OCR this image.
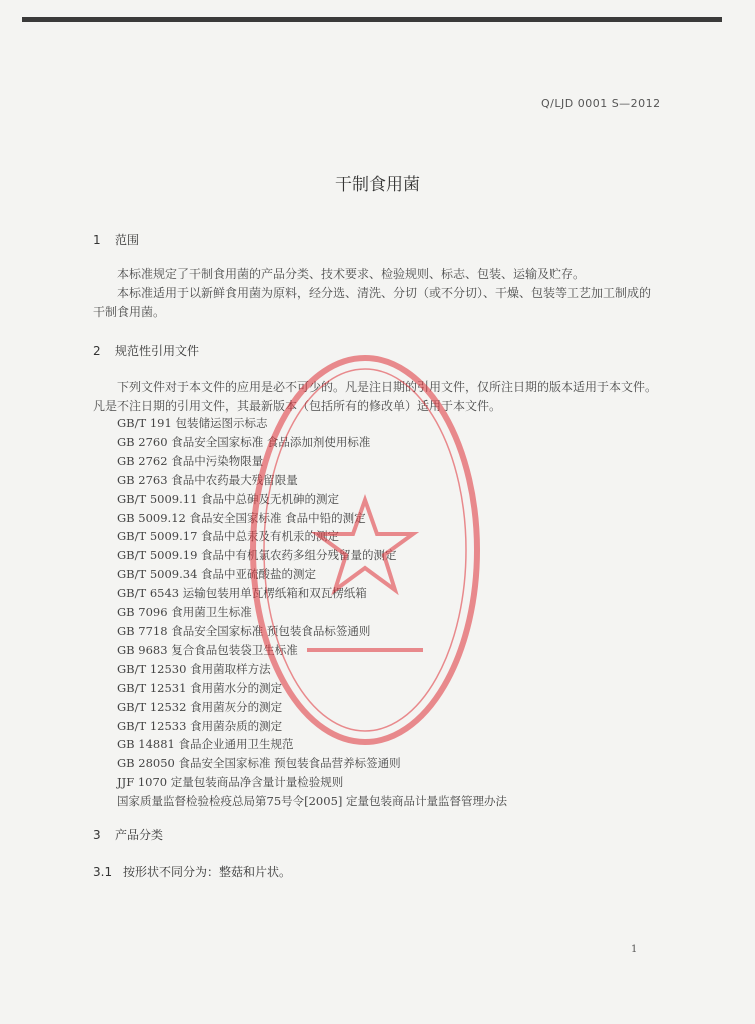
Q/LJD 0001 S—2012
干制食用菌
1 范围
本标准规定了干制食用菌的产品分类、技术要求、检验规则、标志、包装、运输及贮存。
本标准适用于以新鲜食用菌为原料，经分选、清洗、分切（或不分切）、干燥、包装等工艺加工制成的干制食用菌。
2 规范性引用文件
下列文件对于本文件的应用是必不可少的。凡是注日期的引用文件，仅所注日期的版本适用于本文件。凡是不注日期的引用文件，其最新版本（包括所有的修改单）适用于本文件。
GB/T 191 包装储运图示标志
GB 2760 食品安全国家标准 食品添加剂使用标准
GB 2762 食品中污染物限量
GB 2763 食品中农药最大残留限量
GB/T 5009.11 食品中总砷及无机砷的测定
GB 5009.12 食品安全国家标准 食品中铅的测定
GB/T 5009.17 食品中总汞及有机汞的测定
GB/T 5009.19 食品中有机氯农药多组分残留量的测定
GB/T 5009.34 食品中亚硫酸盐的测定
GB/T 6543 运输包装用单瓦楞纸箱和双瓦楞纸箱
GB 7096 食用菌卫生标准
GB 7718 食品安全国家标准 预包装食品标签通则
GB 9683 复合食品包装袋卫生标准
GB/T 12530 食用菌取样方法
GB/T 12531 食用菌水分的测定
GB/T 12532 食用菌灰分的测定
GB/T 12533 食用菌杂质的测定
GB 14881 食品企业通用卫生规范
GB 28050 食品安全国家标准 预包装食品营养标签通则
JJF 1070 定量包装商品净含量计量检验规则
国家质量监督检验检疫总局第75号令[2005] 定量包装商品计量监督管理办法
3 产品分类
3.1 按形状不同分为：整菇和片状。
1
